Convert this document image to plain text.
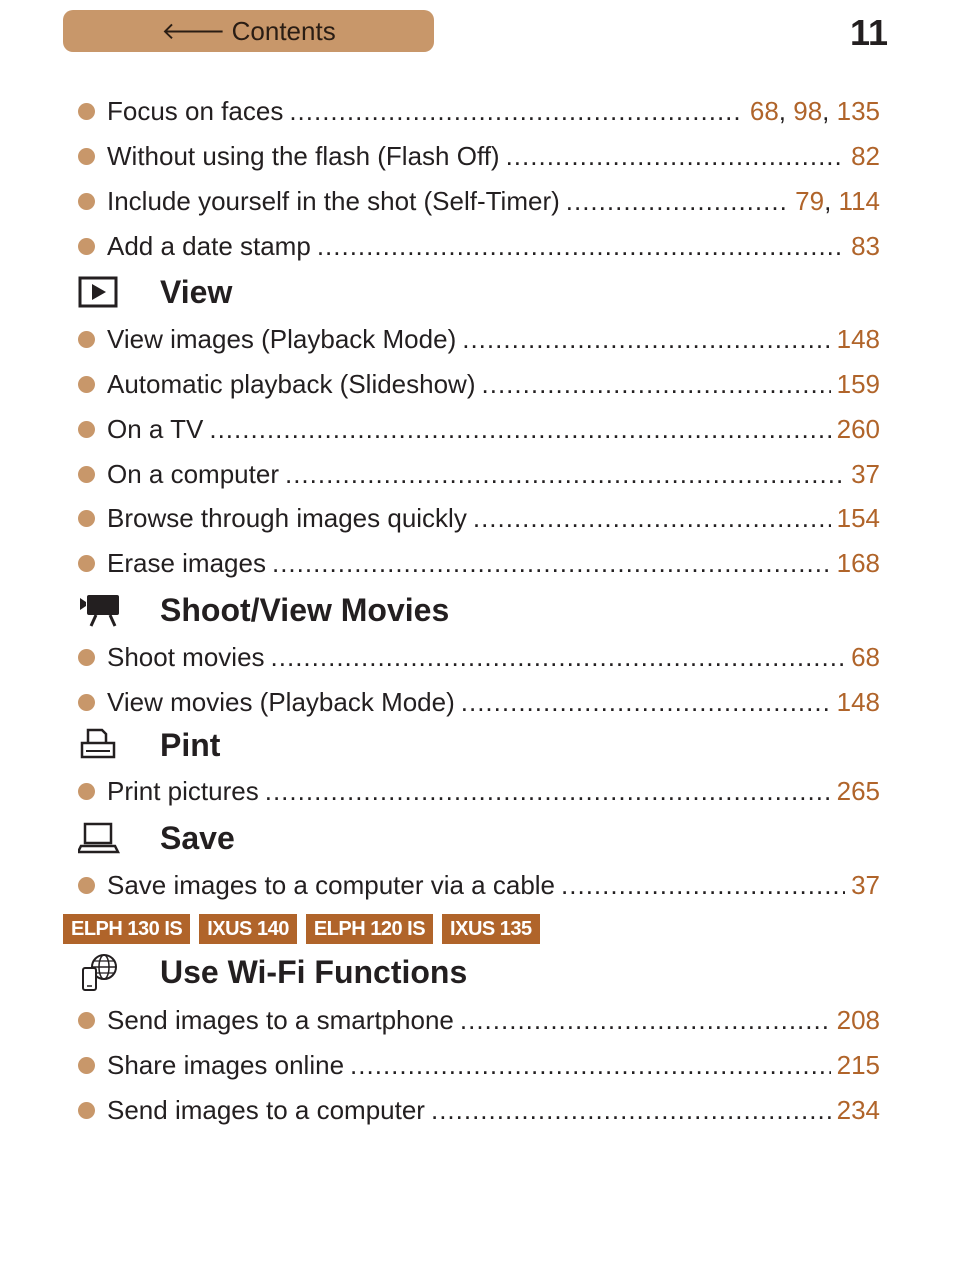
🡐 Contents	11
Focus on faces .....	68, 98, 135
Without using the flash (Flash Off) .....	82
Include yourself in the shot (Self-Timer) .....	79, 114
Add a date stamp .....	83
View
View images (Playback Mode) .....	148
Automatic playback (Slideshow) .....	159
On a TV .....	260
On a computer .....	37
Browse through images quickly .....	154
Erase images .....	168
Shoot/View Movies
Shoot movies .....	68
View movies (Playback Mode) .....	148
Pint
Print pictures .....	265
Save
Save images to a computer via a cable .....	37
ELPH 130 IS	IXUS 140	ELPH 120 IS	IXUS 135
Use Wi-Fi Functions
Send images to a smartphone .....	208
Share images online .....	215
Send images to a computer .....	234
